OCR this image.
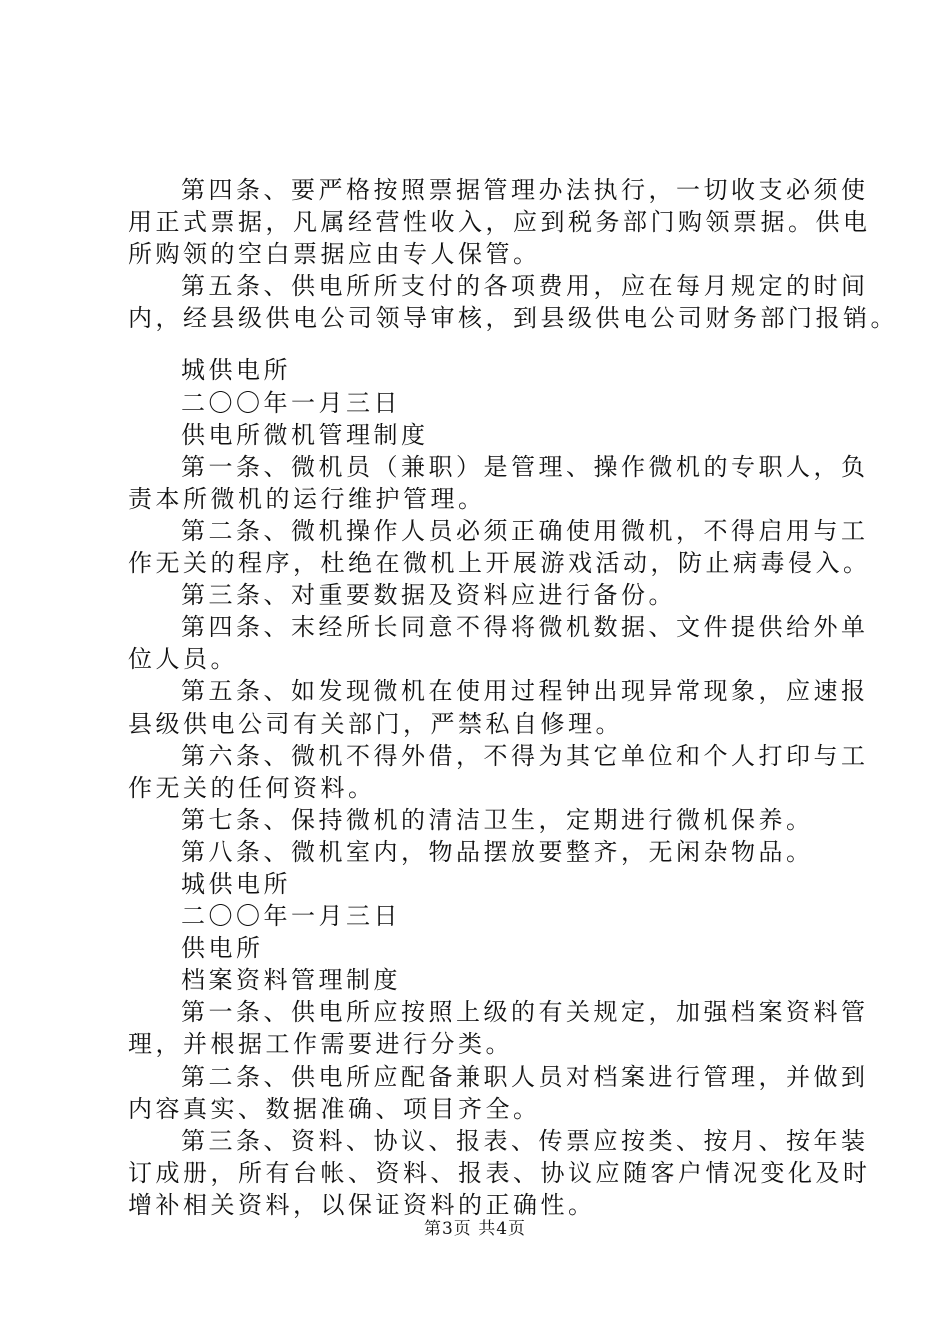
第四条、要严格按照票据管理办法执行，一切收支必须使
用正式票据，凡属经营性收入，应到税务部门购领票据。供电
所购领的空白票据应由专人保管。
第五条、供电所所支付的各项费用，应在每月规定的时间
内，经县级供电公司领导审核，到县级供电公司财务部门报销。
城供电所
二〇〇年一月三日
供电所微机管理制度
第一条、微机员（兼职）是管理、操作微机的专职人，负
责本所微机的运行维护管理。
第二条、微机操作人员必须正确使用微机，不得启用与工
作无关的程序，杜绝在微机上开展游戏活动，防止病毒侵入。
第三条、对重要数据及资料应进行备份。
第四条、末经所长同意不得将微机数据、文件提供给外单
位人员。
第五条、如发现微机在使用过程钟出现异常现象，应速报
县级供电公司有关部门，严禁私自修理。
第六条、微机不得外借，不得为其它单位和个人打印与工
作无关的任何资料。
第七条、保持微机的清洁卫生，定期进行微机保养。
第八条、微机室内，物品摆放要整齐，无闲杂物品。
城供电所
二〇〇年一月三日
供电所
档案资料管理制度
第一条、供电所应按照上级的有关规定，加强档案资料管
理，并根据工作需要进行分类。
第二条、供电所应配备兼职人员对档案进行管理，并做到
内容真实、数据准确、项目齐全。
第三条、资料、协议、报表、传票应按类、按月、按年装
订成册，所有台帐、资料、报表、协议应随客户情况变化及时
增补相关资料，以保证资料的正确性。
第3页 共4页
